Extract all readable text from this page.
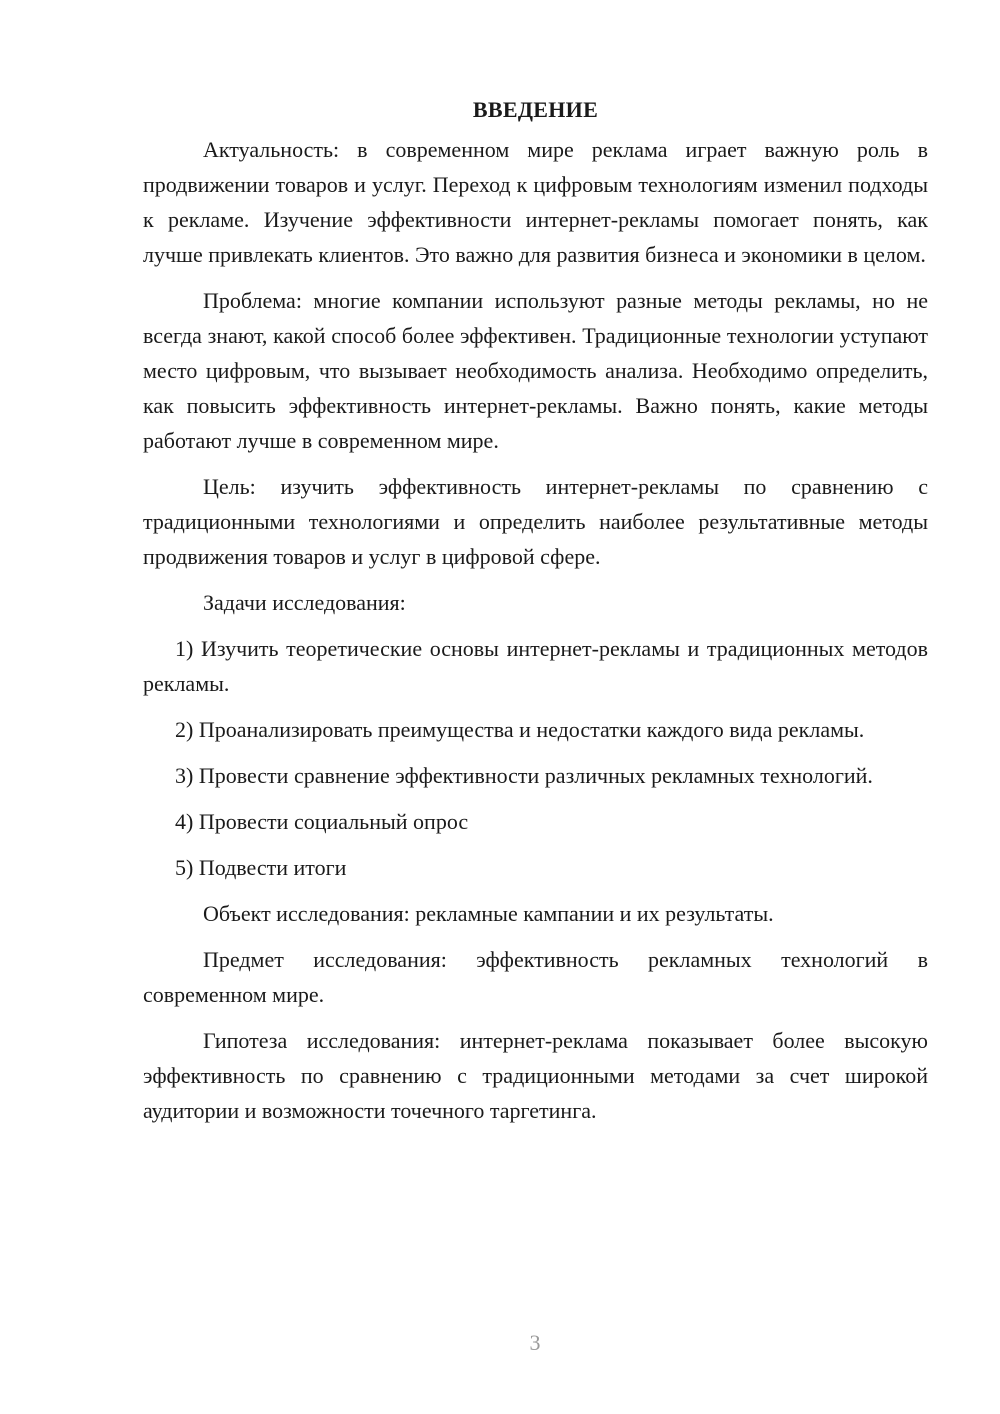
ВВЕДЕНИЕ

Актуальность: в современном мире реклама играет важную роль в продвижении товаров и услуг. Переход к цифровым технологиям изменил подходы к рекламе. Изучение эффективности интернет-рекламы помогает понять, как лучше привлекать клиентов. Это важно для развития бизнеса и экономики в целом.

Проблема: многие компании используют разные методы рекламы, но не всегда знают, какой способ более эффективен. Традиционные технологии уступают место цифровым, что вызывает необходимость анализа. Необходимо определить, как повысить эффективность интернет-рекламы. Важно понять, какие методы работают лучше в современном мире.

Цель: изучить эффективность интернет-рекламы по сравнению с традиционными технологиями и определить наиболее результативные методы продвижения товаров и услуг в цифровой сфере.

Задачи исследования:

1) Изучить теоретические основы интернет-рекламы и традиционных методов рекламы.

2) Проанализировать преимущества и недостатки каждого вида рекламы.

3) Провести сравнение эффективности различных рекламных технологий.

4) Провести социальный опрос

5) Подвести итоги

Объект исследования: рекламные кампании и их результаты.

Предмет исследования: эффективность рекламных технологий в современном мире.

Гипотеза исследования: интернет-реклама показывает более высокую эффективность по сравнению с традиционными методами за счет широкой аудитории и возможности точечного таргетинга.

3
